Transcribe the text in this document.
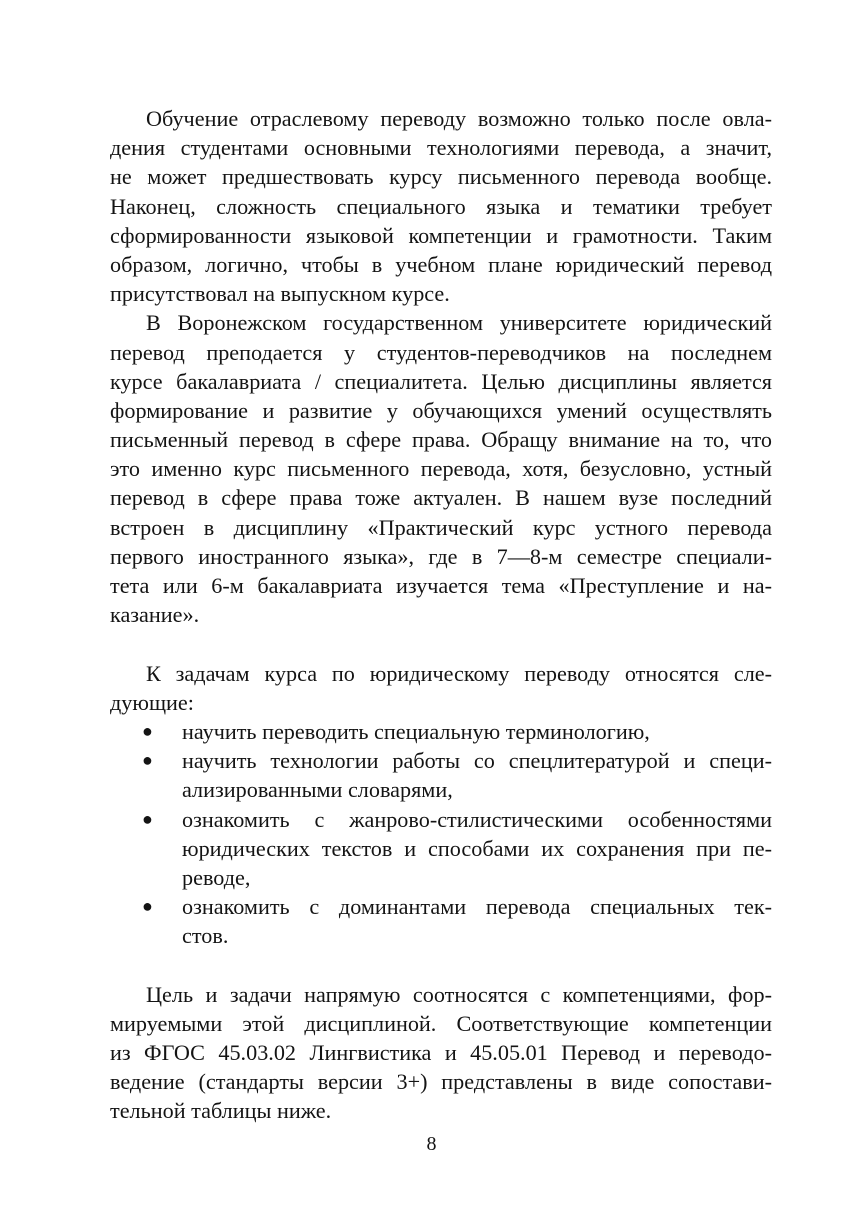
Обучение отраслевому переводу возможно только после овла-
дения студентами основными технологиями перевода, а значит,
не может предшествовать курсу письменного перевода вообще.
Наконец, сложность специального языка и тематики требует
сформированности языковой компетенции и грамотности. Таким
образом, логично, чтобы в учебном плане юридический перевод
присутствовал на выпускном курсе.
В Воронежском государственном университете юридический
перевод преподается у студентов-переводчиков на последнем
курсе бакалавриата / специалитета. Целью дисциплины является
формирование и развитие у обучающихся умений осуществлять
письменный перевод в сфере права. Обращу внимание на то, что
это именно курс письменного перевода, хотя, безусловно, устный
перевод в сфере права тоже актуален. В нашем вузе последний
встроен в дисциплину «Практический курс устного перевода
первого иностранного языка», где в 7—8-м семестре специали-
тета или 6-м бакалавриата изучается тема «Преступление и на-
казание».
К задачам курса по юридическому переводу относятся сле-
дующие:
● научить переводить специальную терминологию,
● научить технологии работы со спецлитературой и специ-
ализированными словарями,
● ознакомить с жанрово-стилистическими особенностями
юридических текстов и способами их сохранения при пе-
реводе,
● ознакомить с доминантами перевода специальных тек-
стов.
Цель и задачи напрямую соотносятся с компетенциями, фор-
мируемыми этой дисциплиной. Соответствующие компетенции
из ФГОС 45.03.02 Лингвистика и 45.05.01 Перевод и переводо-
ведение (стандарты версии 3+) представлены в виде сопостави-
тельной таблицы ниже.
8
